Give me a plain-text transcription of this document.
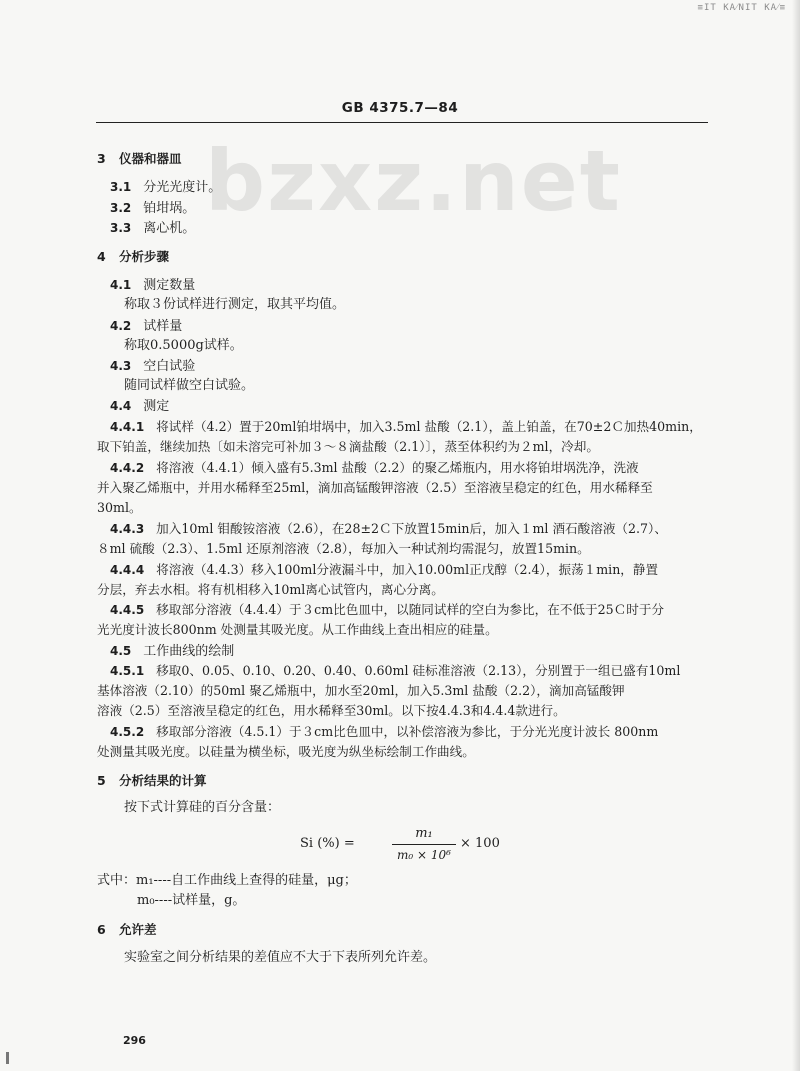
≡IT KA⁄NIT KA⁄≡
bzxz.net
GB 4375.7—84
3 仪器和器皿
3.1 分光光度计。
3.2 铂坩埚。
3.3 离心机。
4 分析步骤
4.1 测定数量
称取３份试样进行测定，取其平均值。
4.2 试样量
称取0.5000g试样。
4.3 空白试验
随同试样做空白试验。
4.4 测定
4.4.1 将试样（4.2）置于20ml铂坩埚中，加入3.5ml 盐酸（2.1），盖上铂盖，在70±2Ｃ加热40min，
取下铂盖，继续加热〔如未溶完可补加３～８滴盐酸（2.1）〕，蒸至体积约为２ml，冷却。
4.4.2 将溶液（4.4.1）倾入盛有5.3ml 盐酸（2.2）的聚乙烯瓶内，用水将铂坩埚洗净，洗液
并入聚乙烯瓶中，并用水稀释至25ml，滴加高锰酸钾溶液（2.5）至溶液呈稳定的红色，用水稀释至
30ml。
4.4.3 加入10ml 钼酸铵溶液（2.6），在28±2Ｃ下放置15min后，加入１ml 酒石酸溶液（2.7）、
８ml 硫酸（2.3）、1.5ml 还原剂溶液（2.8），每加入一种试剂均需混匀，放置15min。
4.4.4 将溶液（4.4.3）移入100ml分液漏斗中，加入10.00ml正戊醇（2.4），振荡１min，静置
分层，弃去水相。将有机相移入10ml离心试管内，离心分离。
4.4.5 移取部分溶液（4.4.4）于３cm比色皿中，以随同试样的空白为参比，在不低于25Ｃ时于分
光光度计波长800nm 处测量其吸光度。从工作曲线上查出相应的硅量。
4.5 工作曲线的绘制
4.5.1 移取0、0.05、0.10、0.20、0.40、0.60ml 硅标准溶液（2.13），分别置于一组已盛有10ml
基体溶液（2.10）的50ml 聚乙烯瓶中，加水至20ml，加入5.3ml 盐酸（2.2），滴加高锰酸钾
溶液（2.5）至溶液呈稳定的红色，用水稀释至30ml。以下按4.4.3和4.4.4款进行。
4.5.2 移取部分溶液（4.5.1）于３cm比色皿中，以补偿溶液为参比，于分光光度计波长 800nm
处测量其吸光度。以硅量为横坐标，吸光度为纵坐标绘制工作曲线。
5 分析结果的计算
按下式计算硅的百分含量：
Si (%) =
m₁
m₀ × 10⁶
× 100
式中：m₁----自工作曲线上查得的硅量，μg；
m₀----试样量，g。
6 允许差
实验室之间分析结果的差值应不大于下表所列允许差。
296
